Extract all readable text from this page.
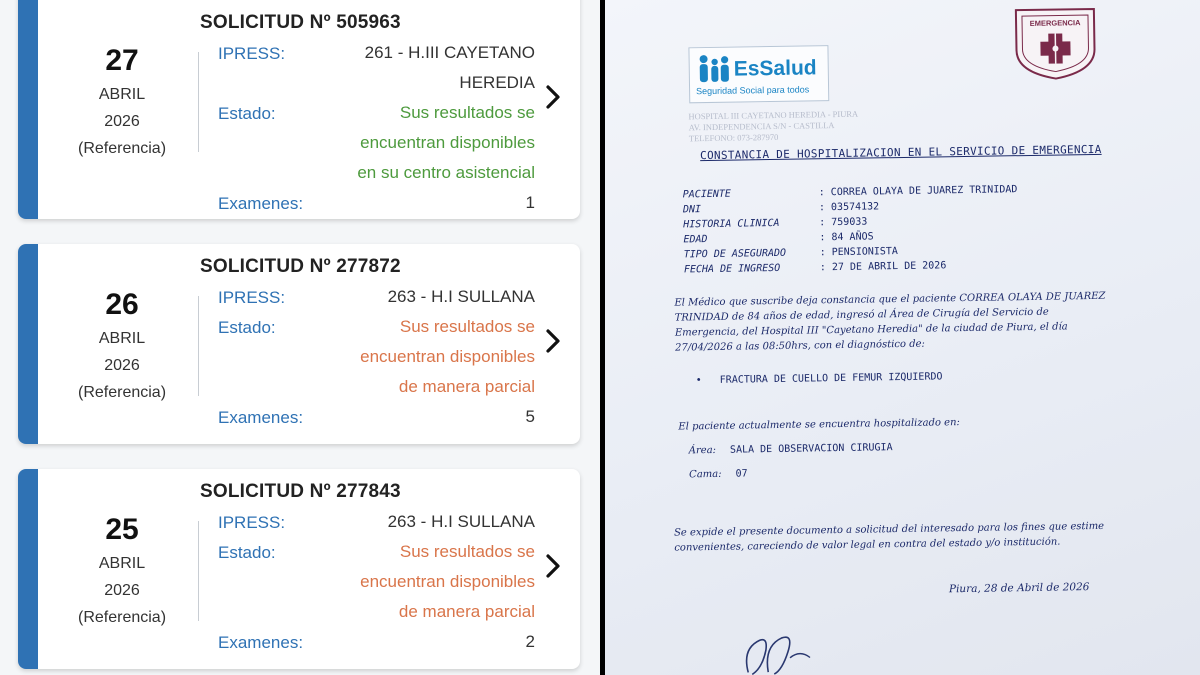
SOLICITUD Nº 505963
27
ABRIL
2026
(Referencia)
IPRESS:	261 - H.III CAYETANO
HEREDIA
Estado:	Sus resultados se
encuentran disponibles
en su centro asistencial
Examenes:	1
SOLICITUD Nº 277872
26
ABRIL
2026
(Referencia)
IPRESS:	263 - H.I SULLANA
Estado:	Sus resultados se
encuentran disponibles
de manera parcial
Examenes:	5
SOLICITUD Nº 277843
25
ABRIL
2026
(Referencia)
IPRESS:	263 - H.I SULLANA
Estado:	Sus resultados se
encuentran disponibles
de manera parcial
Examenes:	2
EsSalud
Seguridad Social para todos
HOSPITAL III CAYETANO HEREDIA - PIURA
AV. INDEPENDENCIA S/N - CASTILLA
TELEFONO: 073-287970
EMERGENCIA
CONSTANCIA DE HOSPITALIZACION EN EL SERVICIO DE EMERGENCIA
PACIENTE	: CORREA OLAYA DE JUAREZ TRINIDAD
DNI	: 03574132
HISTORIA CLINICA	: 759033
EDAD	: 84 AÑOS
TIPO DE ASEGURADO	: PENSIONISTA
FECHA DE INGRESO	: 27 DE ABRIL DE 2026
El Médico que suscribe deja constancia que el paciente CORREA OLAYA DE JUAREZ TRINIDAD de 84 años de edad, ingresó al Área de Cirugía del Servicio de Emergencia, del Hospital III "Cayetano Heredia" de la ciudad de Piura, el día 27/04/2026 a las 08:50hrs, con el diagnóstico de:
•   FRACTURA DE CUELLO DE FEMUR IZQUIERDO
El paciente actualmente se encuentra hospitalizado en:
Área: SALA DE OBSERVACION CIRUGIA
Cama: 07
Se expide el presente documento a solicitud del interesado para los fines que estime convenientes, careciendo de valor legal en contra del estado y/o institución.
Piura, 28 de Abril de 2026
